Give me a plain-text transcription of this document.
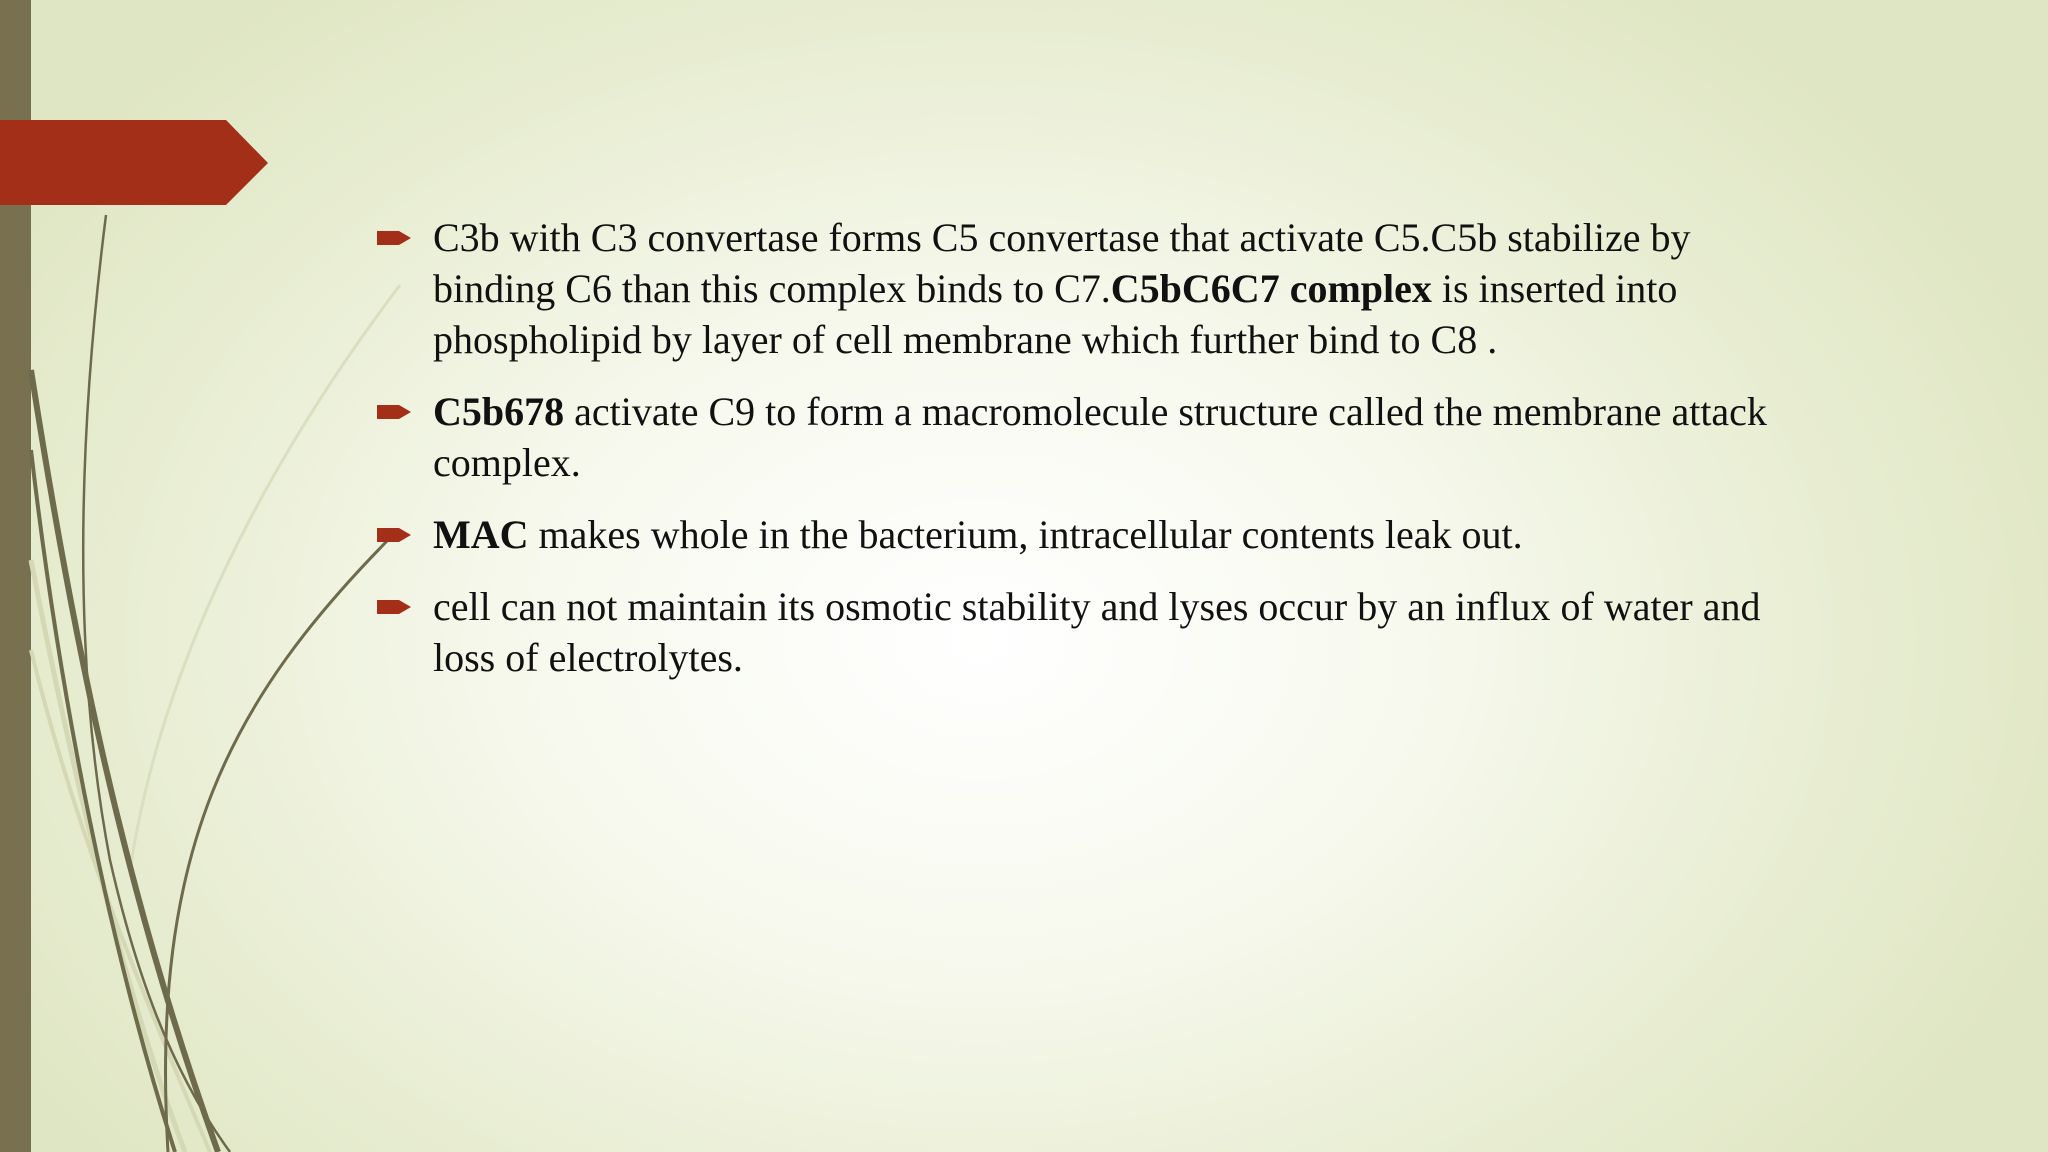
C3b with C3 convertase forms C5 convertase that activate C5.C5b stabilize by binding C6 than this complex binds to C7.C5bC6C7 complex is inserted into phospholipid by layer of cell membrane which further bind to C8 .
C5b678 activate C9 to form a macromolecule structure called the membrane attack complex.
MAC makes whole in the bacterium, intracellular contents leak out.
cell can not maintain its osmotic stability and lyses occur by an influx of water and loss of electrolytes.
